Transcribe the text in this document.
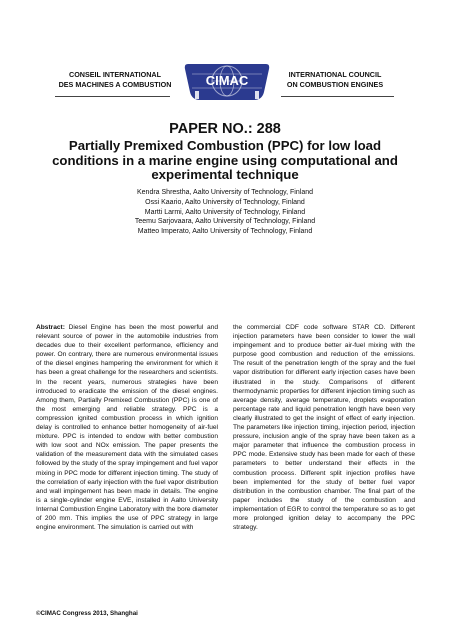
CONSEIL INTERNATIONAL
DES MACHINES A COMBUSTION	CIMAC	INTERNATIONAL COUNCIL
ON COMBUSTION ENGINES
PAPER NO.: 288
Partially Premixed Combustion (PPC) for low load conditions in a marine engine using computational and experimental technique
Kendra Shrestha, Aalto University of Technology, Finland
Ossi Kaario, Aalto University of Technology, Finland
Martti Larmi, Aalto University of Technology, Finland
Teemu Sarjovaara, Aalto University of Technology, Finland
Matteo Imperato, Aalto University of Technology, Finland
Abstract: Diesel Engine has been the most powerful and relevant source of power in the automobile industries from decades due to their excellent performance, efficiency and power. On contrary, there are numerous environmental issues of the diesel engines hampering the environment for which it has been a great challenge for the researchers and scientists. In the recent years, numerous strategies have been introduced to eradicate the emission of the diesel engines. Among them, Partially Premixed Combustion (PPC) is one of the most emerging and reliable strategy. PPC is a compression ignited combustion process in which ignition delay is controlled to enhance better homogeneity of air-fuel mixture. PPC is intended to endow with better combustion with low soot and NOx emission. The paper presents the validation of the measurement data with the simulated cases followed by the study of the spray impingement and fuel vapor mixing in PPC mode for different injection timing. The study of the correlation of early injection with the fuel vapor distribution and wall impingement has been made in details. The engine is a single-cylinder engine EVE, installed in Aalto University Internal Combustion Engine Laboratory with the bore diameter of 200 mm. This implies the use of PPC strategy in large engine environment. The simulation is carried out with
the commercial CDF code software STAR CD. Different injection parameters have been consider to lower the wall impingement and to produce better air-fuel mixing with the purpose good combustion and reduction of the emissions. The result of the penetration length of the spray and the fuel vapor distribution for different early injection cases have been illustrated in the study. Comparisons of different thermodynamic properties for different injection timing such as average density, average temperature, droplets evaporation percentage rate and liquid penetration length have been very clearly illustrated to get the insight of effect of early injection. The parameters like injection timing, injection period, injection pressure, inclusion angle of the spray have been taken as a major parameter that influence the combustion process in PPC mode. Extensive study has been made for each of these parameters to better understand their effects in the combustion process. Different split injection profiles have been implemented for the study of better fuel vapor distribution in the combustion chamber. The final part of the paper includes the study of the combustion and implementation of EGR to control the temperature so as to get more prolonged ignition delay to accompany the PPC strategy.
©CIMAC Congress 2013, Shanghai
